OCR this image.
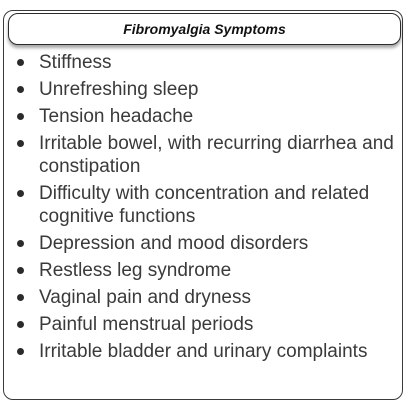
Fibromyalgia Symptoms
Stiffness
Unrefreshing sleep
Tension headache
Irritable bowel, with recurring diarrhea and constipation
Difficulty with concentration and related cognitive functions
Depression and mood disorders
Restless leg syndrome
Vaginal pain and dryness
Painful menstrual periods
Irritable bladder and urinary complaints
